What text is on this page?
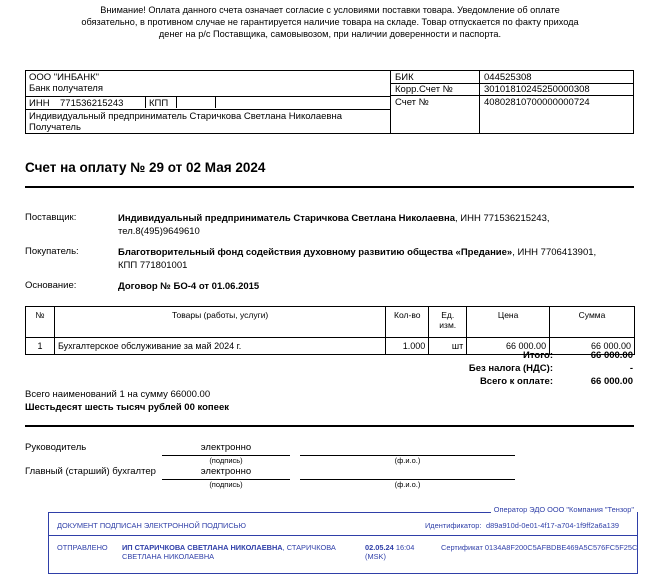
Внимание! Оплата данного счета означает согласие с условиями поставки товара. Уведомление об оплате
обязательно, в противном случае не гарантируется наличие товара на складе. Товар отпускается по факту прихода
денег на р/с Поставщика, самовывозом, при наличии доверенности и паспорта.
ООО "ИНБАНК"
Банк получателя
БИК	044525308
Корр.Счет №	30101810245250000308
ИНН 771536215243	КПП	Счет №	40802810700000000724
Индивидуальный предприниматель Старичкова Светлана Николаевна
Получатель
Счет на оплату № 29 от 02 Мая 2024
Поставщик:	Индивидуальный предприниматель Старичкова Светлана Николаевна, ИНН 771536215243,
тел.8(495)9649610
Покупатель:	Благотворительный фонд содействия духовному развитию общества «Предание», ИНН 7706413901,
КПП 771801001
Основание:	Договор № БО-4 от 01.06.2015
№	Товары (работы, услуги)	Кол-во	Ед.
изм.	Цена	Сумма
1	Бухгалтерское обслуживание за май 2024 г.	1.000	шт	66 000.00	66 000.00
Итого:	66 000.00
Без налога (НДС):	-
Всего к оплате:	66 000.00
Всего наименований 1 на сумму 66000.00
Шестьдесят шесть тысяч рублей 00 копеек
Руководитель	электронно
(подпись)	(ф.и.о.)
Главный (старший) бухгалтер	электронно
(подпись)	(ф.и.о.)
ДОКУМЕНТ ПОДПИСАН ЭЛЕКТРОННОЙ ПОДПИСЬЮ	Идентификатор: d89a910d-0e01-4f17-a704-1f9ff2a6a139
ОТПРАВЛЕНО ИП СТАРИЧКОВА СВЕТЛАНА НИКОЛАЕВНА, СТАРИЧКОВА
СВЕТЛАНА НИКОЛАЕВНА
02.05.24 16:04
(MSK)
Сертификат 0134A8F200C5AFBDBE469A5C576FC5F25C
Оператор ЭДО ООО "Компания "Тензор"
